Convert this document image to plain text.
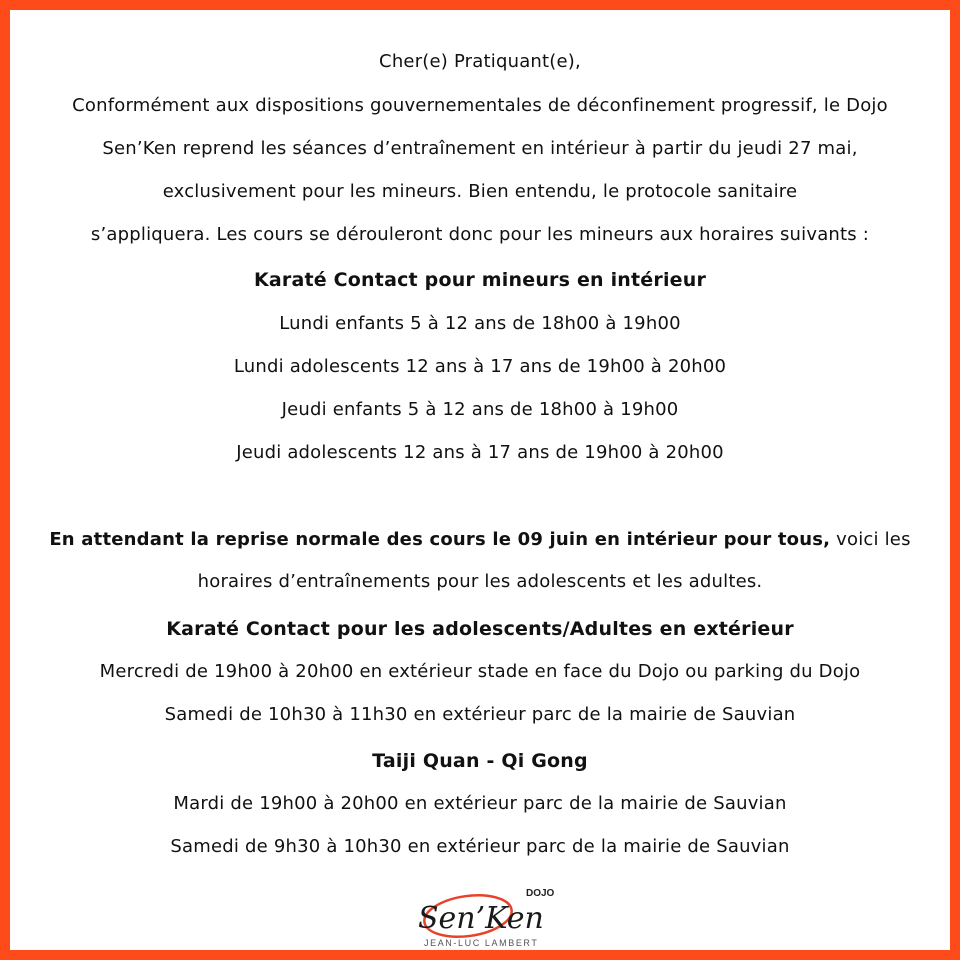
Cher(e) Pratiquant(e),
Conformément aux dispositions gouvernementales de déconfinement progressif, le Dojo
Sen’Ken reprend les séances d’entraînement en intérieur à partir du jeudi 27 mai,
exclusivement pour les mineurs. Bien entendu, le protocole sanitaire
s’appliquera. Les cours se dérouleront donc pour les mineurs aux horaires suivants :
Karaté Contact pour mineurs en intérieur
Lundi enfants 5 à 12 ans de 18h00 à 19h00
Lundi adolescents 12 ans à 17 ans de 19h00 à 20h00
Jeudi enfants 5 à 12 ans de 18h00 à 19h00
Jeudi adolescents 12 ans à 17 ans de 19h00 à 20h00
En attendant la reprise normale des cours le 09 juin en intérieur pour tous, voici les
horaires d’entraînements pour les adolescents et les adultes.
Karaté Contact pour les adolescents/Adultes en extérieur
Mercredi de 19h00 à 20h00 en extérieur stade en face du Dojo ou parking du Dojo
Samedi de 10h30 à 11h30 en extérieur parc de la mairie de Sauvian
Taiji Quan - Qi Gong
Mardi de 19h00 à 20h00 en extérieur parc de la mairie de Sauvian
Samedi de 9h30 à 10h30 en extérieur parc de la mairie de Sauvian
DOJO
Sen’Ken
JEAN-LUC LAMBERT
